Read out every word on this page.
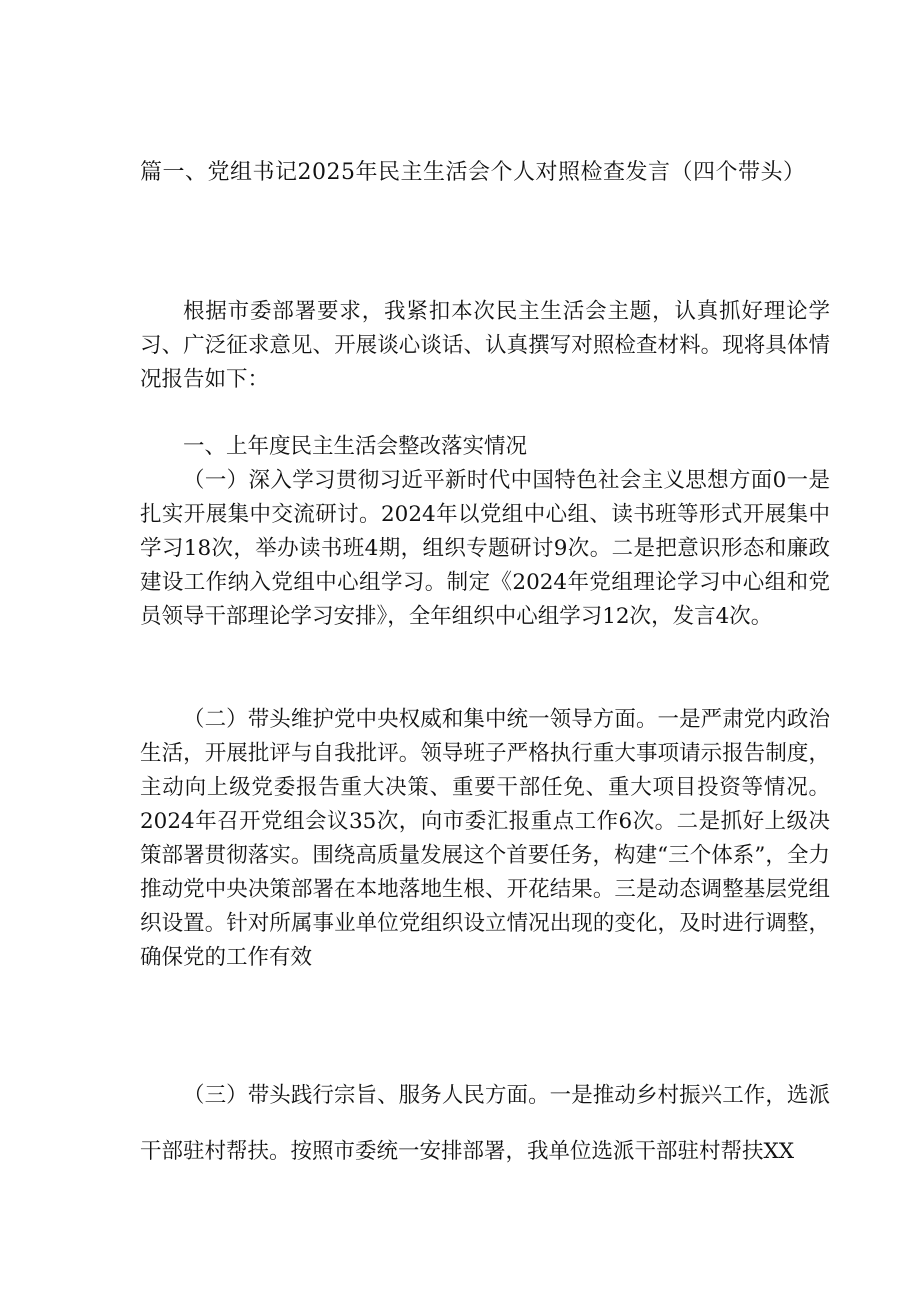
篇一、党组书记2025年民主生活会个人对照检查发言（四个带头）

根据市委部署要求，我紧扣本次民主生活会主题，认真抓好理论学习、广泛征求意见、开展谈心谈话、认真撰写对照检查材料。现将具体情况报告如下：

一、上年度民主生活会整改落实情况

（一）深入学习贯彻习近平新时代中国特色社会主义思想方面0一是扎实开展集中交流研讨。2024年以党组中心组、读书班等形式开展集中学习18次，举办读书班4期，组织专题研讨9次。二是把意识形态和廉政建设工作纳入党组中心组学习。制定《2024年党组理论学习中心组和党员领导干部理论学习安排》，全年组织中心组学习12次，发言4次。

（二）带头维护党中央权威和集中统一领导方面。一是严肃党内政治生活，开展批评与自我批评。领导班子严格执行重大事项请示报告制度，主动向上级党委报告重大决策、重要干部任免、重大项目投资等情况。2024年召开党组会议35次，向市委汇报重点工作6次。二是抓好上级决策部署贯彻落实。围绕高质量发展这个首要任务，构建“三个体系”，全力推动党中央决策部署在本地落地生根、开花结果。三是动态调整基层党组织设置。针对所属事业单位党组织设立情况出现的变化，及时进行调整，确保党的工作有效

（三）带头践行宗旨、服务人民方面。一是推动乡村振兴工作，选派干部驻村帮扶。按照市委统一安排部署，我单位选派干部驻村帮扶XX
